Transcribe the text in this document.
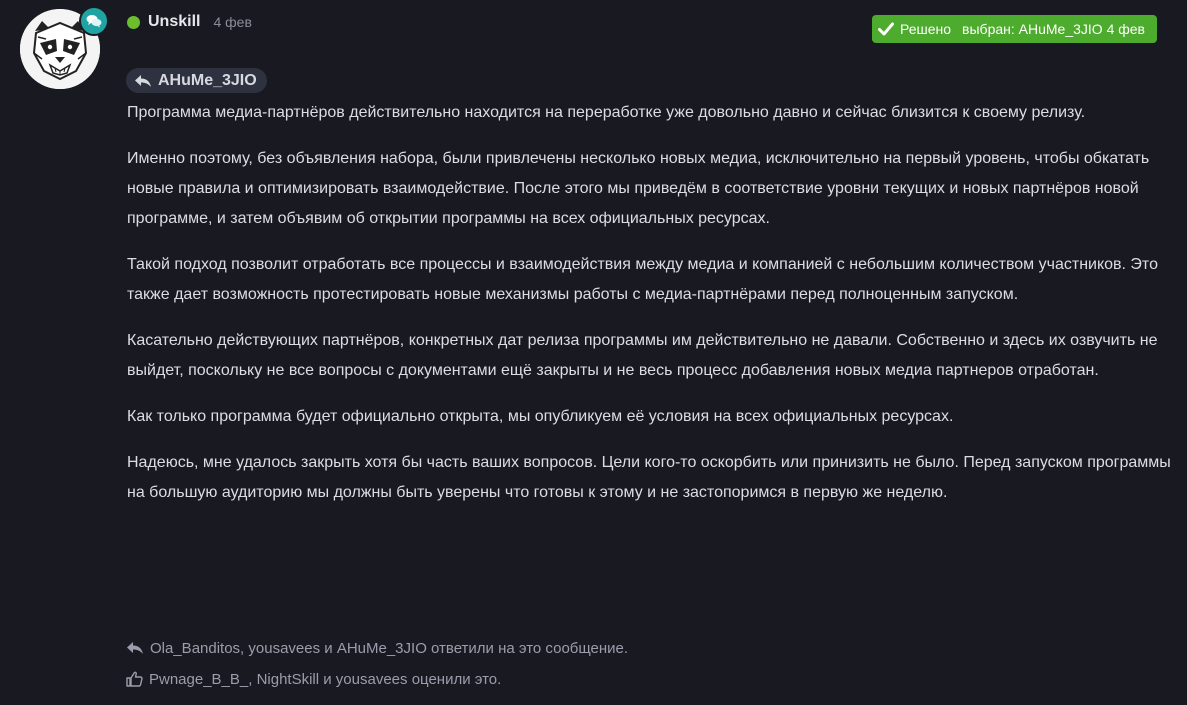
Unskill 4 фев	Решено выбран: AHuMe_3JIO 4 фев
AHuMe_3JIO

Программа медиа-партнёров действительно находится на переработке уже довольно давно и сейчас близится к своему релизу.

Именно поэтому, без объявления набора, были привлечены несколько новых медиа, исключительно на первый уровень, чтобы обкатать новые правила и оптимизировать взаимодействие. После этого мы приведём в соответствие уровни текущих и новых партнёров новой программе, и затем объявим об открытии программы на всех официальных ресурсах.

Такой подход позволит отработать все процессы и взаимодействия между медиа и компанией с небольшим количеством участников. Это также дает возможность протестировать новые механизмы работы с медиа-партнёрами перед полноценным запуском.

Касательно действующих партнёров, конкретных дат релиза программы им действительно не давали. Собственно и здесь их озвучить не выйдет, поскольку не все вопросы с документами ещё закрыты и не весь процесс добавления новых медиа партнеров отработан.

Как только программа будет официально открыта, мы опубликуем её условия на всех официальных ресурсах.

Надеюсь, мне удалось закрыть хотя бы часть ваших вопросов. Цели кого-то оскорбить или принизить не было. Перед запуском программы на большую аудиторию мы должны быть уверены что готовы к этому и не застопоримся в первую же неделю.

Ola_Banditos, yousavees и AHuMe_3JIO ответили на это сообщение.
Pwnage_B_B_, NightSkill и yousavees оценили это.
